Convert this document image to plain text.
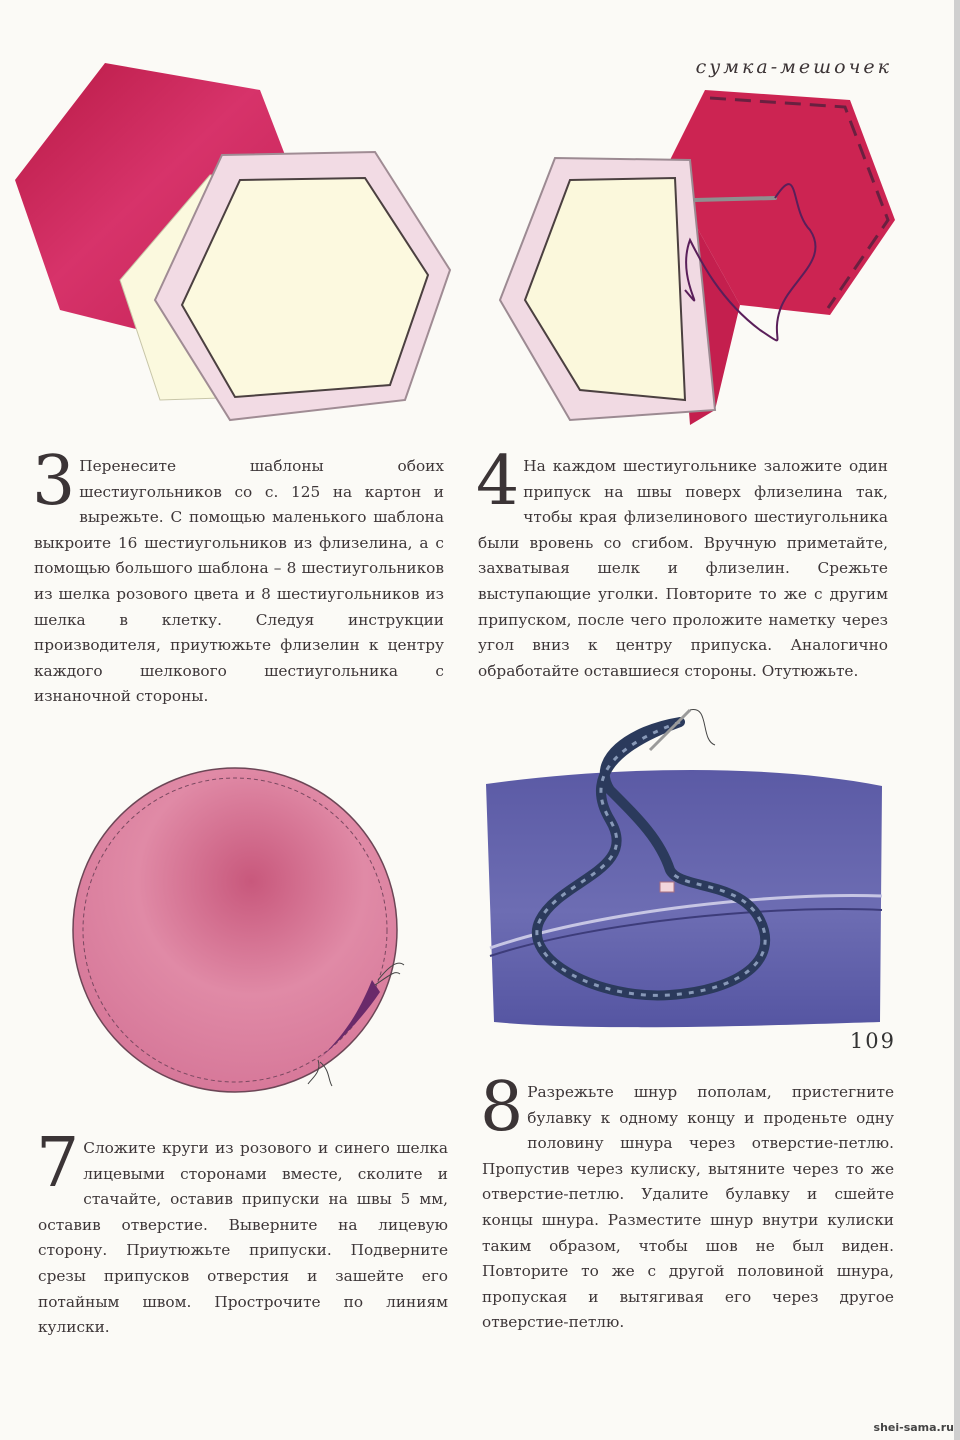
сумка-мешочек
3 Перенесите шаблоны обоих шестиугольников со с. 125 на картон и вырежьте. С помощью маленького шаблона выкроите 16 шестиугольников из флизелина, а с помощью большого шаблона – 8 шестиугольников из шелка розового цвета и 8 шестиугольников из шелка в клетку. Следуя инструкции производителя, приутюжьте флизелин к центру каждого шелкового шестиугольника с изнаночной стороны.
4 На каждом шестиугольнике заложите один припуск на швы поверх флизелина так, чтобы края флизелинового шестиугольника были вровень со сгибом. Вручную приметайте, захватывая шелк и флизелин. Срежьте выступающие уголки. Повторите то же с другим припуском, после чего проложите наметку через угол вниз к центру припуска. Аналогично обработайте оставшиеся стороны. Отутюжьте.
7 Сложите круги из розового и синего шелка лицевыми сторонами вместе, сколите и стачайте, оставив припуски на швы 5 мм, оставив отверстие. Выверните на лицевую сторону. Приутюжьте припуски. Подверните срезы припусков отверстия и зашейте его потайным швом. Прострочите по линиям кулиски.
8 Разрежьте шнур пополам, пристегните булавку к одному концу и проденьте одну половину шнура через отверстие-петлю. Пропустив через кулиску, вытяните через то же отверстие-петлю. Удалите булавку и сшейте концы шнура. Разместите шнур внутри кулиски таким образом, чтобы шов не был виден. Повторите то же с другой половиной шнура, пропуская и вытягивая его через другое отверстие-петлю.
109
shei-sama.ru
